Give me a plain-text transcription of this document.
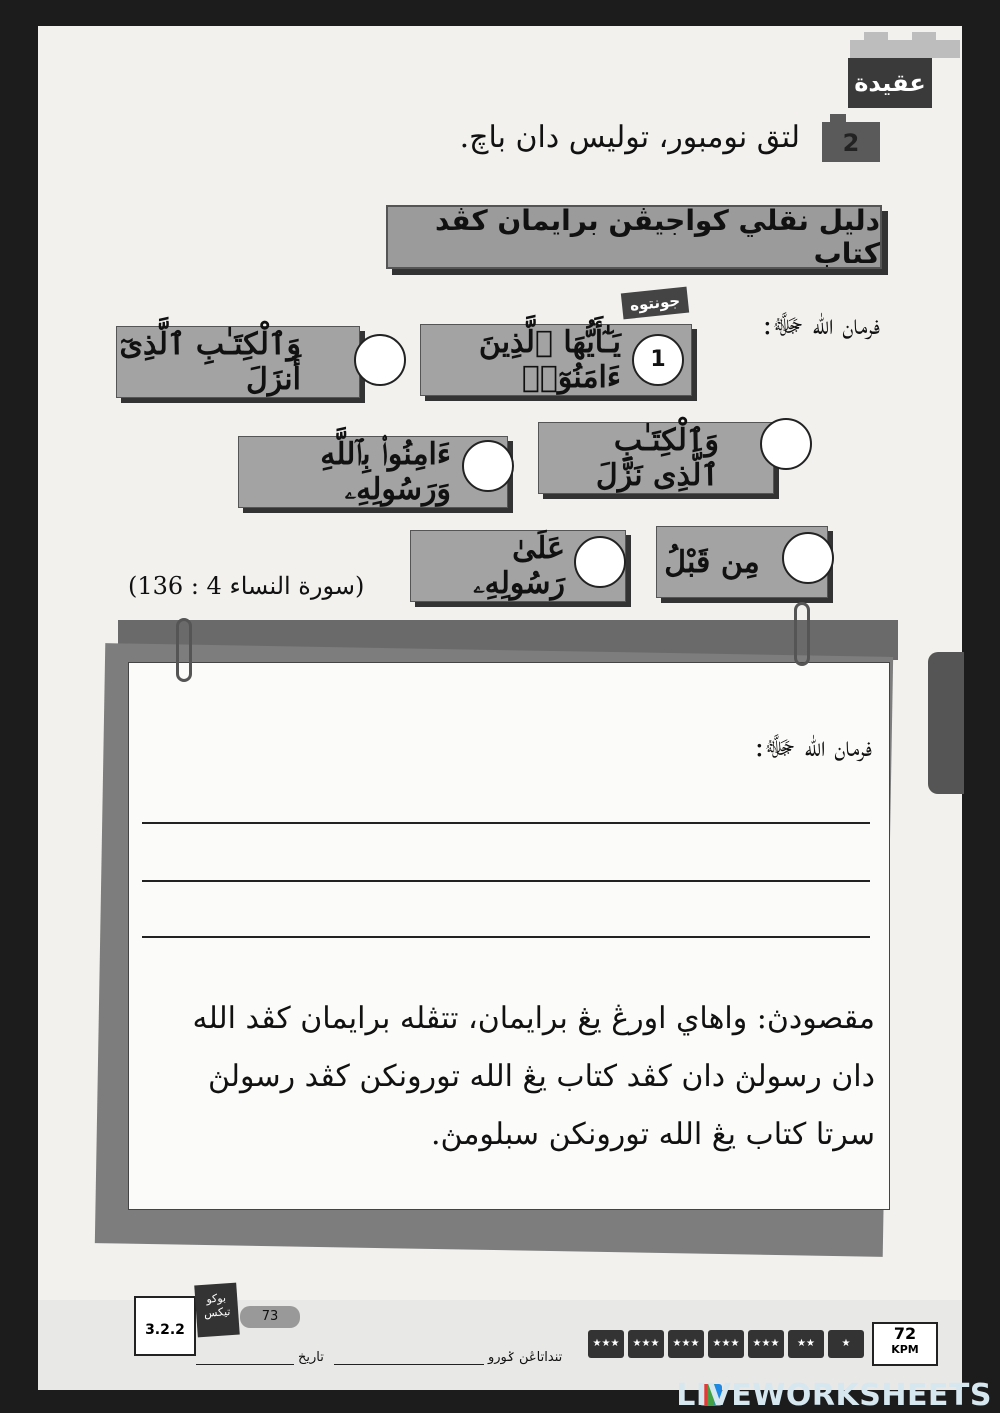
عقيدة
2
لتق نومبور، توليس دان باچ.
دليل نقلي كواجيڤن برايمان كڤد كتاب
فرمان الله ﷻ:
جونتوه
يَـٰٓأَيُّهَا ٱلَّذِينَ ءَامَنُوٓا۟
1
وَٱلْكِتَـٰبِ ٱلَّذِىٓ أَنزَلَ
وَٱلْكِتَـٰبِ ٱلَّذِى نَزَّلَ
ءَامِنُوا۟ بِٱللَّهِ وَرَسُولِهِۦ
مِن قَبْلُ
عَلَىٰ رَسُولِهِۦ
(سورة النساء 4 : 136)
فرمان الله ﷻ:
مقصودڽ: واهاي اورڠ يڠ برايمان، تتڤله برايمان كڤد الله
دان رسولڽ دان كڤد كتاب يڠ الله تورونكن كڤد رسولڽ
سرتا كتاب يڠ الله تورونكن سبلومڽ.
3.2.2
بوكو تيكس	73
تاريخ	تنداتاڠن ݢورو
★★★	★★★	★★★	★★★	★★★	★★	★
72
KPM
LIVEWORKSHEETS
